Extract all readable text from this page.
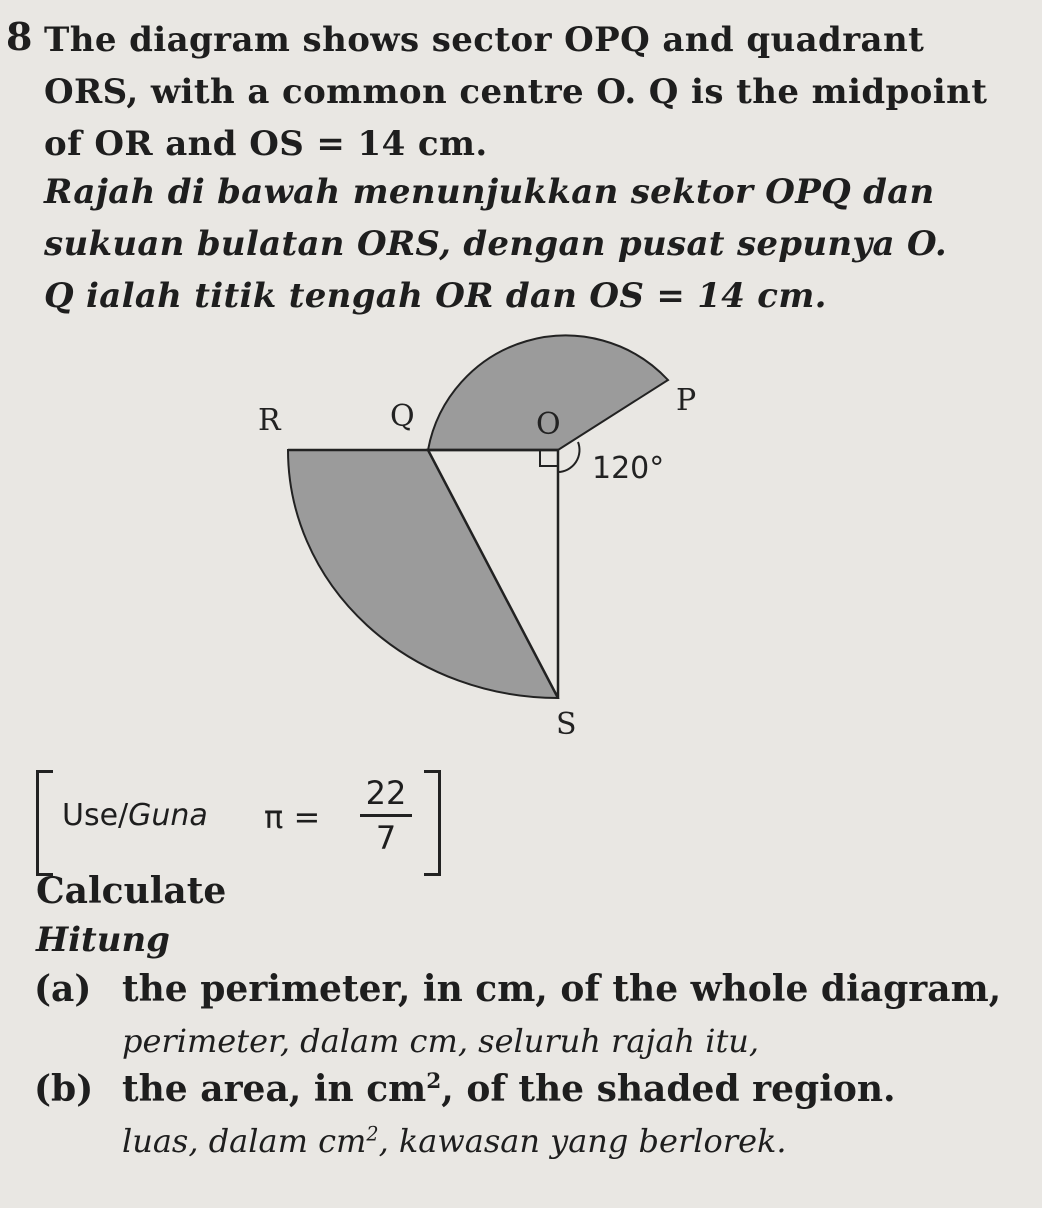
8 The diagram shows sector OPQ and quadrant
ORS, with a common centre O. Q is the midpoint
of OR and OS = 14 cm.
Rajah di bawah menunjukkan sektor OPQ dan
sukuan bulatan ORS, dengan pusat sepunya O.
Q ialah titik tengah OR dan OS = 14 cm.
R	Q	O
P
S
120°
Use/Guna π =
22
7
Calculate
Hitung
(a) the perimeter, in cm, of the whole diagram,
perimeter, dalam cm, seluruh rajah itu,
(b) the area, in $cm^2$, of the shaded region.
luas, dalam $cm^2$, kawasan yang berlorek.
